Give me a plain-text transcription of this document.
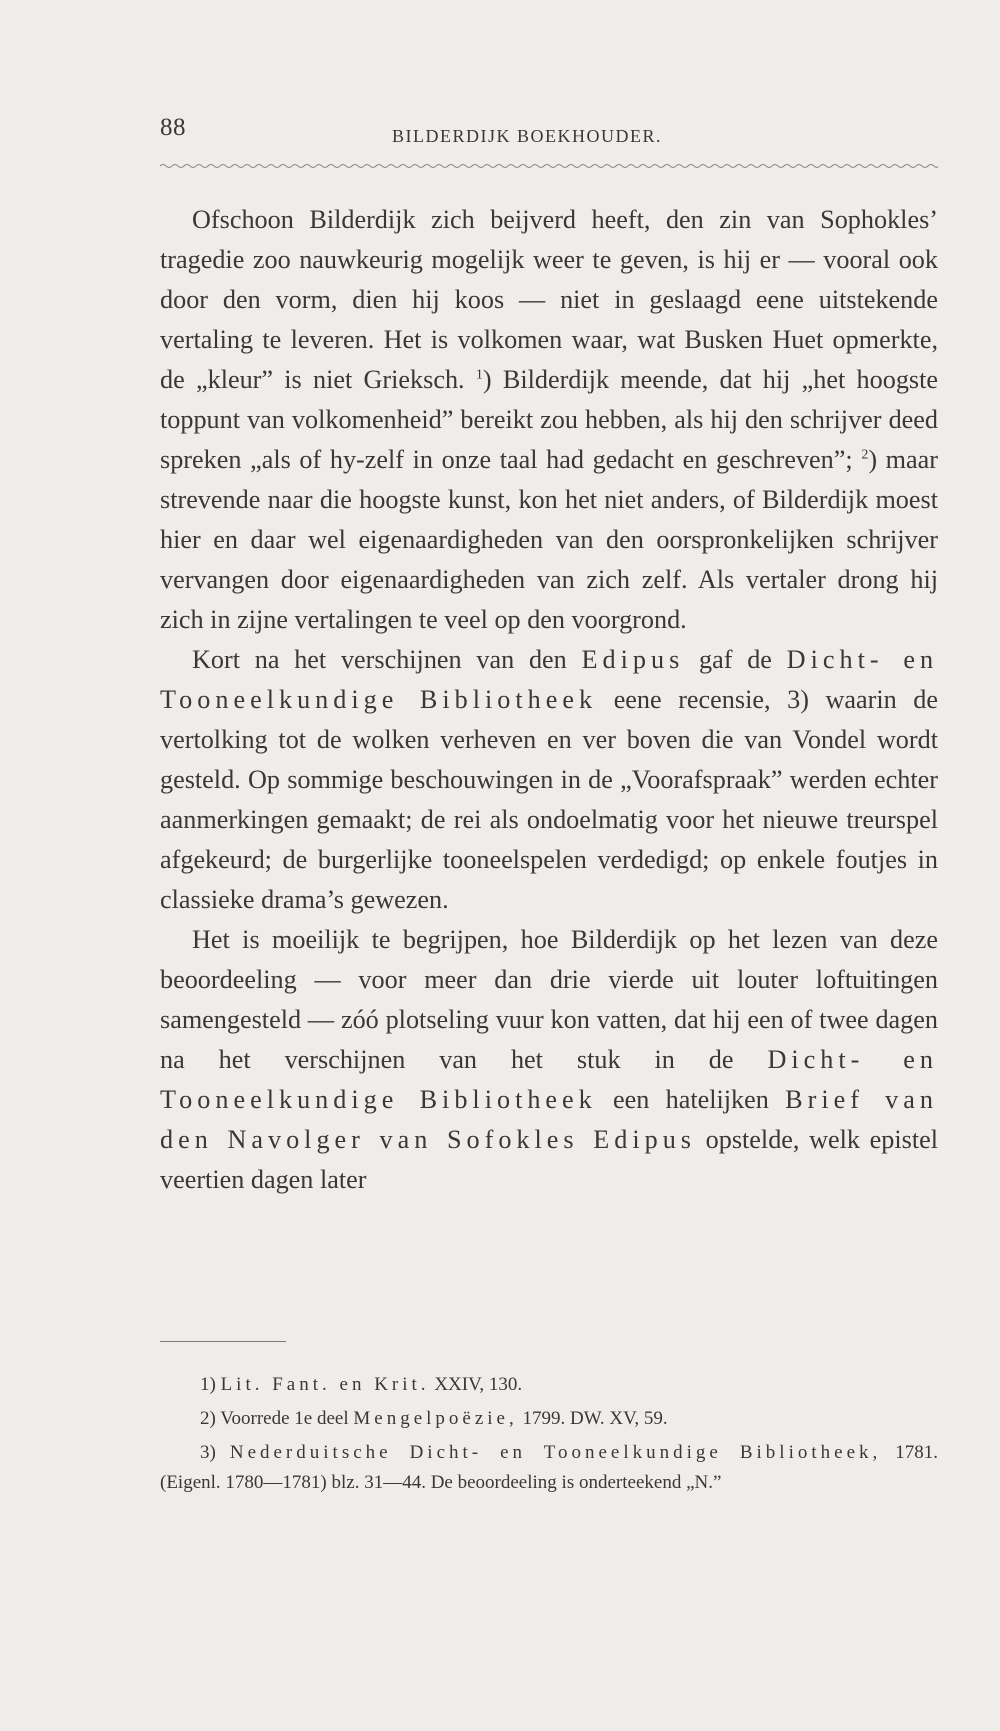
88	BILDERDIJK BOEKHOUDER.

Ofschoon Bilderdijk zich beijverd heeft, den zin van Sophokles’ tragedie zoo nauwkeurig mogelijk weer te geven, is hij er — vooral ook door den vorm, dien hij koos — niet in geslaagd eene uitstekende vertaling te leveren. Het is volkomen waar, wat Busken Huet opmerkte, de „kleur” is niet Grieksch. $^1$) Bilderdijk meende, dat hij „het hoogste toppunt van volkomenheid” bereikt zou hebben, als hij den schrijver deed spreken „als of hy-zelf in onze taal had gedacht en geschreven”; $^2$) maar strevende naar die hoogste kunst, kon het niet anders, of Bilderdijk moest hier en daar wel eigenaardigheden van den oorspronkelijken schrijver vervangen door eigenaardigheden van zich zelf. Als vertaler drong hij zich in zijne vertalingen te veel op den voorgrond.

Kort na het verschijnen van den Edipus gaf de Dicht- en Tooneelkundige Bibliotheek eene recensie, 3) waarin de vertolking tot de wolken verheven en ver boven die van Vondel wordt gesteld. Op sommige beschouwingen in de „Voorafspraak” werden echter aanmerkingen gemaakt; de rei als ondoelmatig voor het nieuwe treurspel afgekeurd; de burgerlijke tooneelspelen verdedigd; op enkele foutjes in classieke drama’s gewezen.

Het is moeilijk te begrijpen, hoe Bilderdijk op het lezen van deze beoordeeling — voor meer dan drie vierde uit louter loftuitingen samengesteld — zóó plotseling vuur kon vatten, dat hij een of twee dagen na het verschijnen van het stuk in de Dicht- en Tooneelkundige Bibliotheek een hatelijken Brief van den Navolger van Sofokles Edipus opstelde, welk epistel veertien dagen later

1) Lit. Fant. en Krit. XXIV, 130.

2) Voorrede 1e deel Mengelpoëzie, 1799. DW. XV, 59.

3) Nederduitsche Dicht- en Tooneelkundige Bibliotheek, 1781. (Eigenl. 1780—1781) blz. 31—44. De beoordeeling is onderteekend „N.”
